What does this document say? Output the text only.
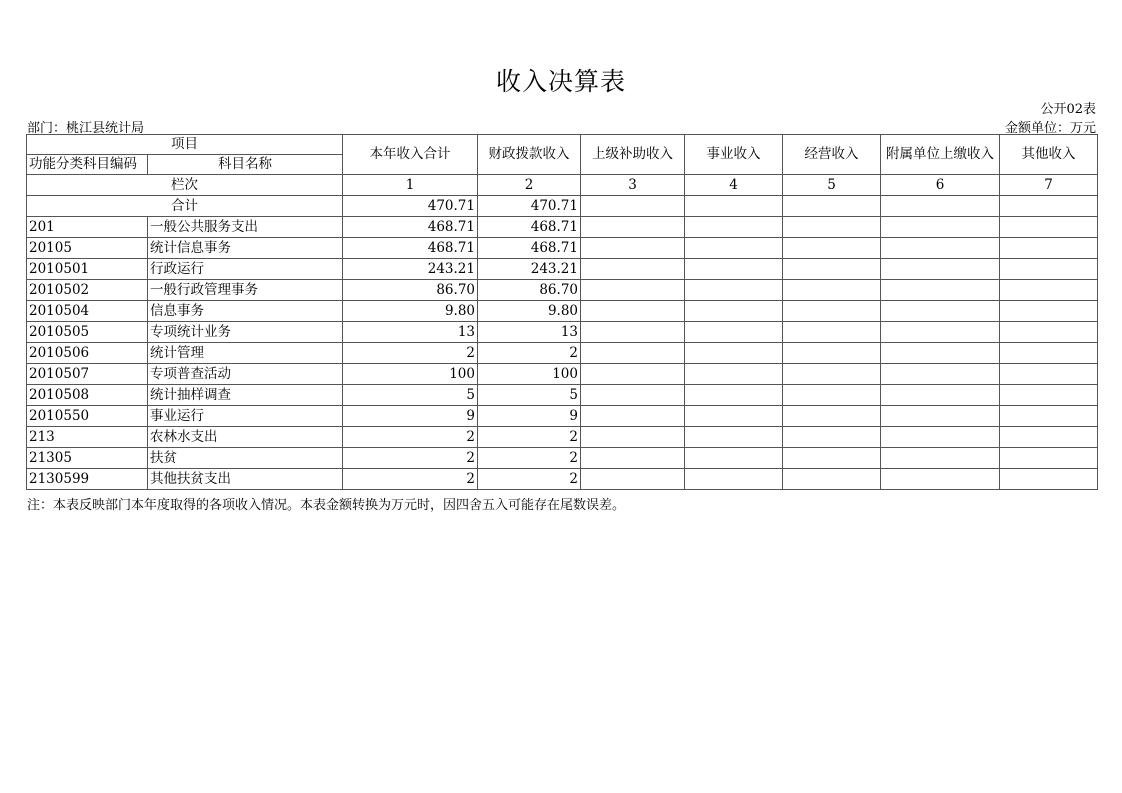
收入决算表
公开02表
部门：桃江县统计局	金额单位：万元
项目		本年收入合计	财政拨款收入	上级补助收入	事业收入	经营收入	附属单位上缴收入	其他收入
功能分类科目编码	科目名称							
栏次		1	2	3	4	5	6	7
合计		470.71	470.71					
201	一般公共服务支出	468.71	468.71					
20105	统计信息事务	468.71	468.71					
2010501	行政运行	243.21	243.21					
2010502	一般行政管理事务	86.70	86.70					
2010504	信息事务	9.80	9.80					
2010505	专项统计业务	13	13					
2010506	统计管理	2	2					
2010507	专项普查活动	100	100					
2010508	统计抽样调查	5	5					
2010550	事业运行	9	9					
213	农林水支出	2	2					
21305	扶贫	2	2					
2130599	其他扶贫支出	2	2					
注：本表反映部门本年度取得的各项收入情况。本表金额转换为万元时，因四舍五入可能存在尾数误差。
